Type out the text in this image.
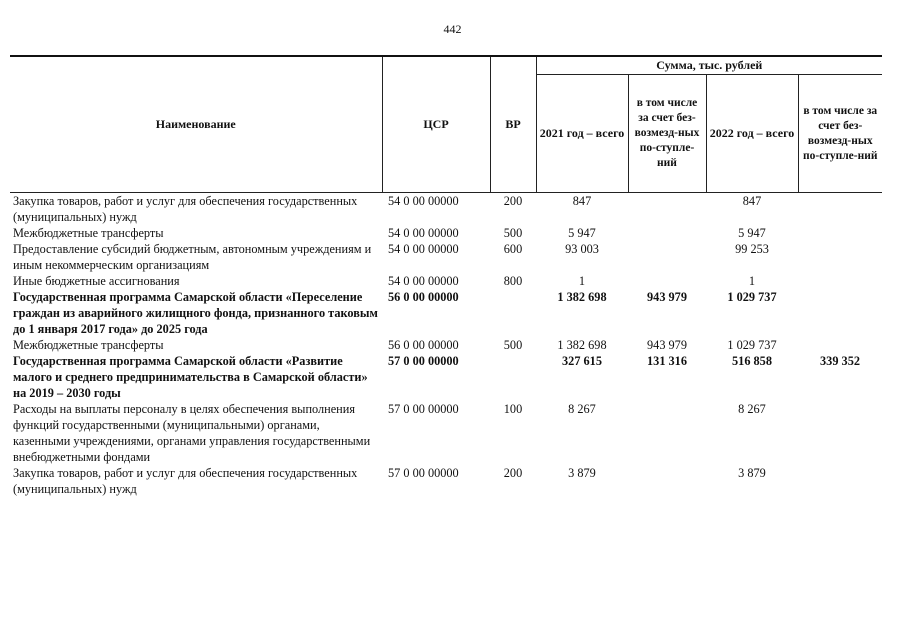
442
Наименование	ЦСР	ВР	Сумма, тыс. рублей			
			2021 год – всего	в том числе за счет без-возмезд-ных по-ступле-ний	2022 год – всего	в том числе за счет без-возмезд-ных по-ступле-ний
Закупка товаров, работ и услуг для обеспечения государственных (муниципальных) нужд	54 0 00 00000	200	847		847	
Межбюджетные трансферты	54 0 00 00000	500	5 947		5 947	
Предоставление субсидий бюджетным, автономным учреждениям и иным некоммерческим организациям	54 0 00 00000	600	93 003		99 253	
Иные бюджетные ассигнования	54 0 00 00000	800	1		1	
Государственная программа Самарской области «Переселение граждан из аварийного жилищного фонда, признанного таковым до 1 января 2017 года» до 2025 года	56 0 00 00000		1 382 698	943 979	1 029 737	
Межбюджетные трансферты	56 0 00 00000	500	1 382 698	943 979	1 029 737	
Государственная программа Самарской области «Развитие малого и среднего предпринимательства в Самарской области» на 2019 – 2030 годы	57 0 00 00000		327 615	131 316	516 858	339 352
Расходы на выплаты персоналу в целях обеспечения выполнения функций государственными (муниципальными) органами, казенными учреждениями, органами управления государственными внебюджетными фондами	57 0 00 00000	100	8 267		8 267	
Закупка товаров, работ и услуг для обеспечения государственных (муниципальных) нужд	57 0 00 00000	200	3 879		3 879	
